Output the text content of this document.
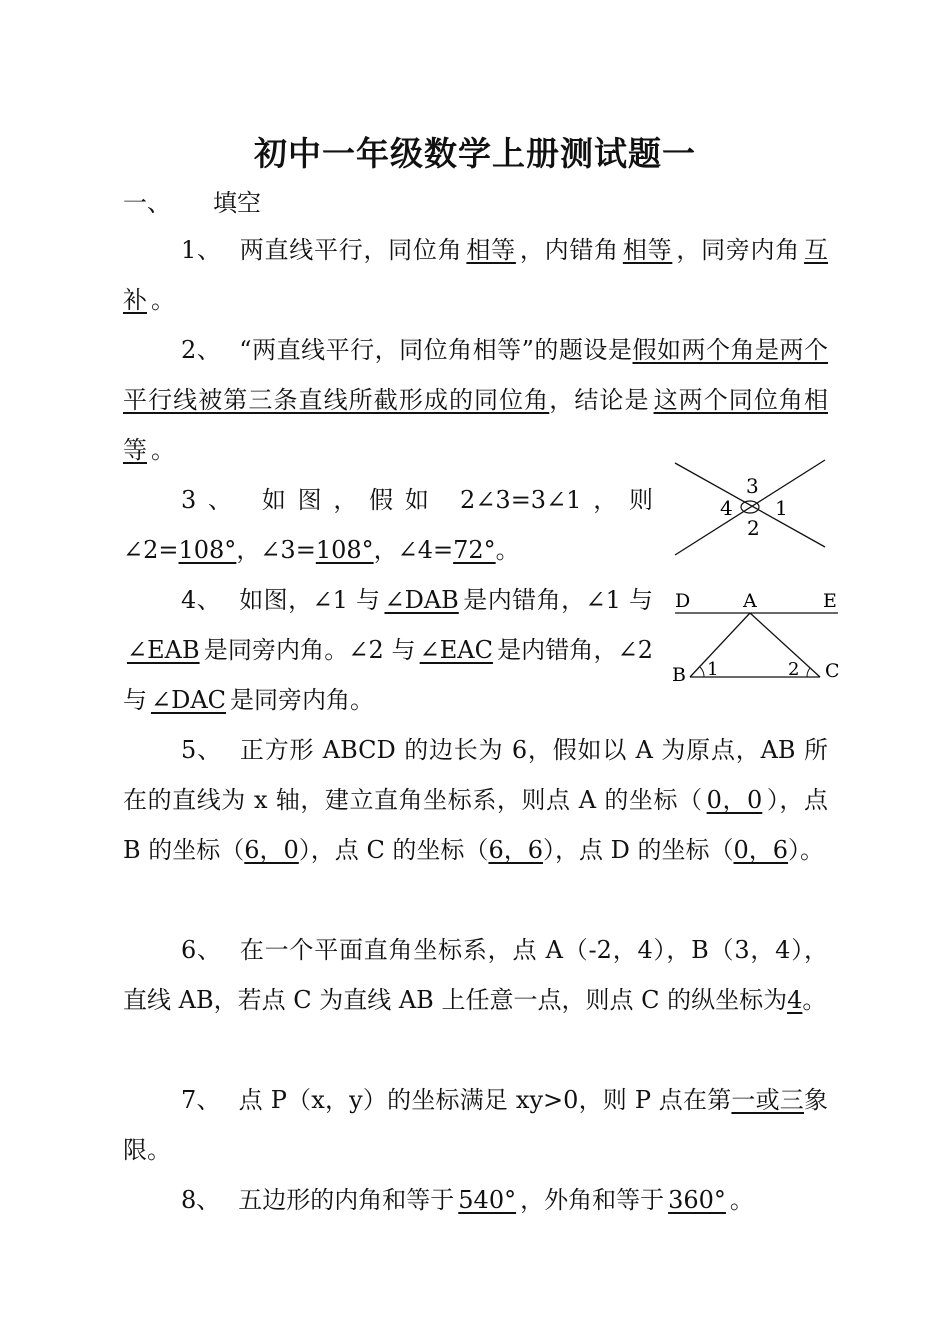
初中一年级数学上册测试题一
一、 填空
1、 两直线平行，同位角 相等 ，内错角 相等 ，同旁内角 互补 。
2、 “两直线平行，同位角相等”的题设是假如两个角是两个平行线被第三条直线所截形成的同位角，结论是 这两个同位角相等 。
3、 如图，假如 2∠3=3∠1，则∠2=108°，∠3=108°，∠4=72°。
3
4 1
2
4、 如图，∠1 与 ∠DAB 是内错角，∠1 与∠EAB 是同旁内角。∠2 与 ∠EAC 是内错角，∠2 与 ∠DAC 是同旁内角。
D	A	E
B	C
1	2
5、 正方形 ABCD 的边长为 6，假如以 A 为原点，AB 所在的直线为 x 轴，建立直角坐标系，则点 A 的坐标（ 0，0 ），点 B 的坐标（6，0），点 C 的坐标（6，6），点 D 的坐标（0，6）。
6、 在一个平面直角坐标系，点 A（-2，4），B（3，4），直线 AB，若点 C 为直线 AB 上任意一点，则点 C 的纵坐标为4。
7、 点 P（x，y）的坐标满足 xy>0，则 P 点在第一或三象限。
8、 五边形的内角和等于 540° ，外角和等于 360° 。
